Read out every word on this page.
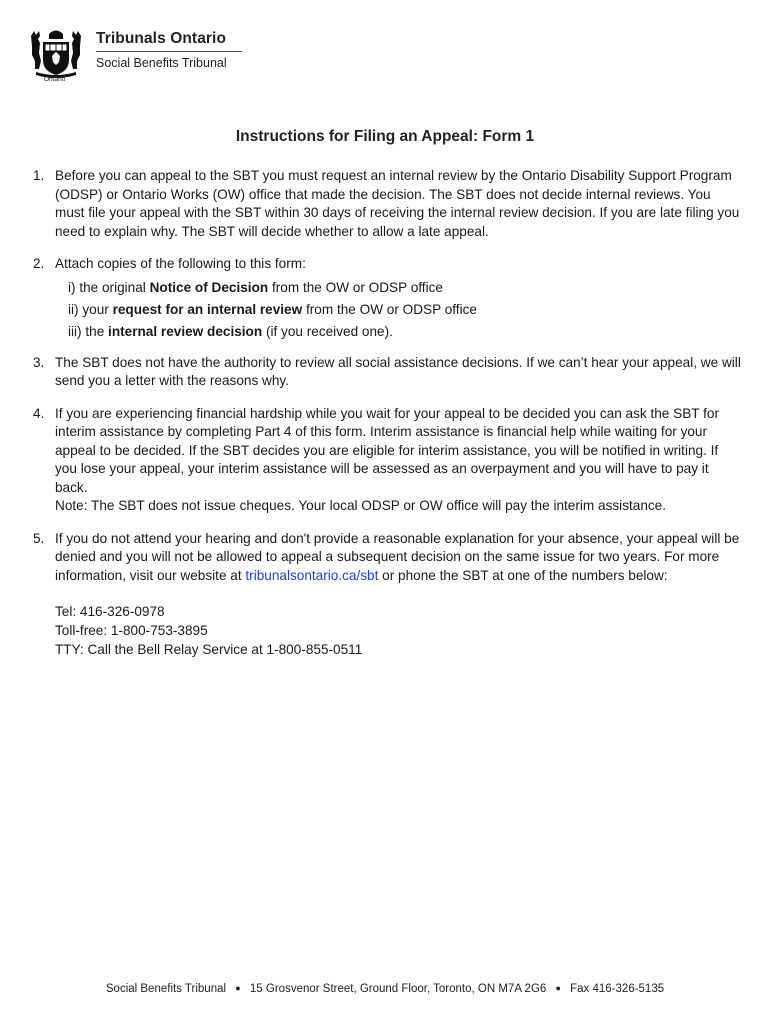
Ontario
Tribunals Ontario
Social Benefits Tribunal
Instructions for Filing an Appeal: Form 1
1. Before you can appeal to the SBT you must request an internal review by the Ontario Disability Support Program (ODSP) or Ontario Works (OW) office that made the decision. The SBT does not decide internal reviews. You must file your appeal with the SBT within 30 days of receiving the internal review decision. If you are late filing you need to explain why. The SBT will decide whether to allow a late appeal.

2. Attach copies of the following to this form:

i) the original Notice of Decision from the OW or ODSP office
ii) your request for an internal review from the OW or ODSP office
iii) the internal review decision (if you received one).
3. The SBT does not have the authority to review all social assistance decisions. If we can’t hear your appeal, we will send you a letter with the reasons why.

4. If you are experiencing financial hardship while you wait for your appeal to be decided you can ask the SBT for interim assistance by completing Part 4 of this form. Interim assistance is financial help while waiting for your appeal to be decided. If the SBT decides you are eligible for interim assistance, you will be notified in writing. If you lose your appeal, your interim assistance will be assessed as an overpayment and you will have to pay it back.

Note: The SBT does not issue cheques. Your local ODSP or OW office will pay the interim assistance.

5. If you do not attend your hearing and don't provide a reasonable explanation for your absence, your appeal will be denied and you will not be allowed to appeal a subsequent decision on the same issue for two years. For more information, visit our website at tribunalsontario.ca/sbt or phone the SBT at one of the numbers below:

Tel: 416-326-0978
Toll-free: 1-800-753-3895
TTY: Call the Bell Relay Service at 1-800-855-0511
Social Benefits Tribunal ● 15 Grosvenor Street, Ground Floor, Toronto, ON M7A 2G6 ● Fax 416-326-5135
